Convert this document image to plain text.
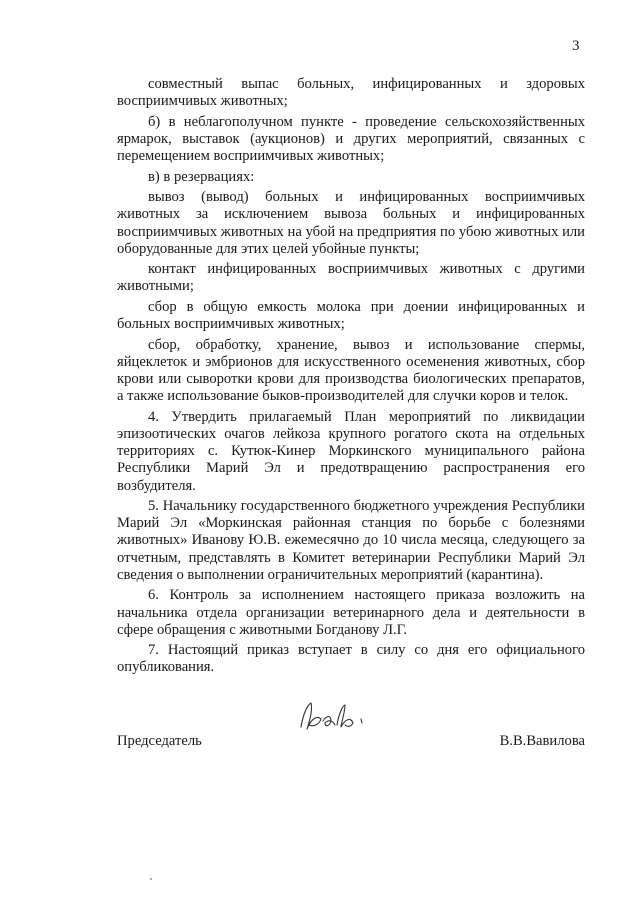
3

совместный выпас больных, инфицированных и здоровых восприимчивых животных;

б) в неблагополучном пункте - проведение сельскохозяйственных ярмарок, выставок (аукционов) и других мероприятий, связанных с перемещением восприимчивых животных;

в) в резервациях:

вывоз (вывод) больных и инфицированных восприимчивых животных за исключением вывоза больных и инфицированных восприимчивых животных на убой на предприятия по убою животных или оборудованные для этих целей убойные пункты;

контакт инфицированных восприимчивых животных с другими животными;

сбор в общую емкость молока при доении инфицированных и больных восприимчивых животных;

сбор, обработку, хранение, вывоз и использование спермы, яйцеклеток и эмбрионов для искусственного осеменения животных, сбор крови или сыворотки крови для производства биологических препаратов, а также использование быков-производителей для случки коров и телок.

4. Утвердить прилагаемый План мероприятий по ликвидации эпизоотических очагов лейкоза крупного рогатого скота на отдельных территориях с. Кутюк-Кинер Моркинского муниципального района Республики Марий Эл и предотвращению распространения его возбудителя.

5. Начальнику государственного бюджетного учреждения Республики Марий Эл «Моркинская районная станция по борьбе с болезнями животных» Иванову Ю.В. ежемесячно до 10 числа месяца, следующего за отчетным, представлять в Комитет ветеринарии Республики Марий Эл сведения о выполнении ограничительных мероприятий (карантина).

6. Контроль за исполнением настоящего приказа возложить на начальника отдела организации ветеринарного дела и деятельности в сфере обращения с животными Богданову Л.Г.

7. Настоящий приказ вступает в силу со дня его официального опубликования.

Председатель	В.В.Вавилова
